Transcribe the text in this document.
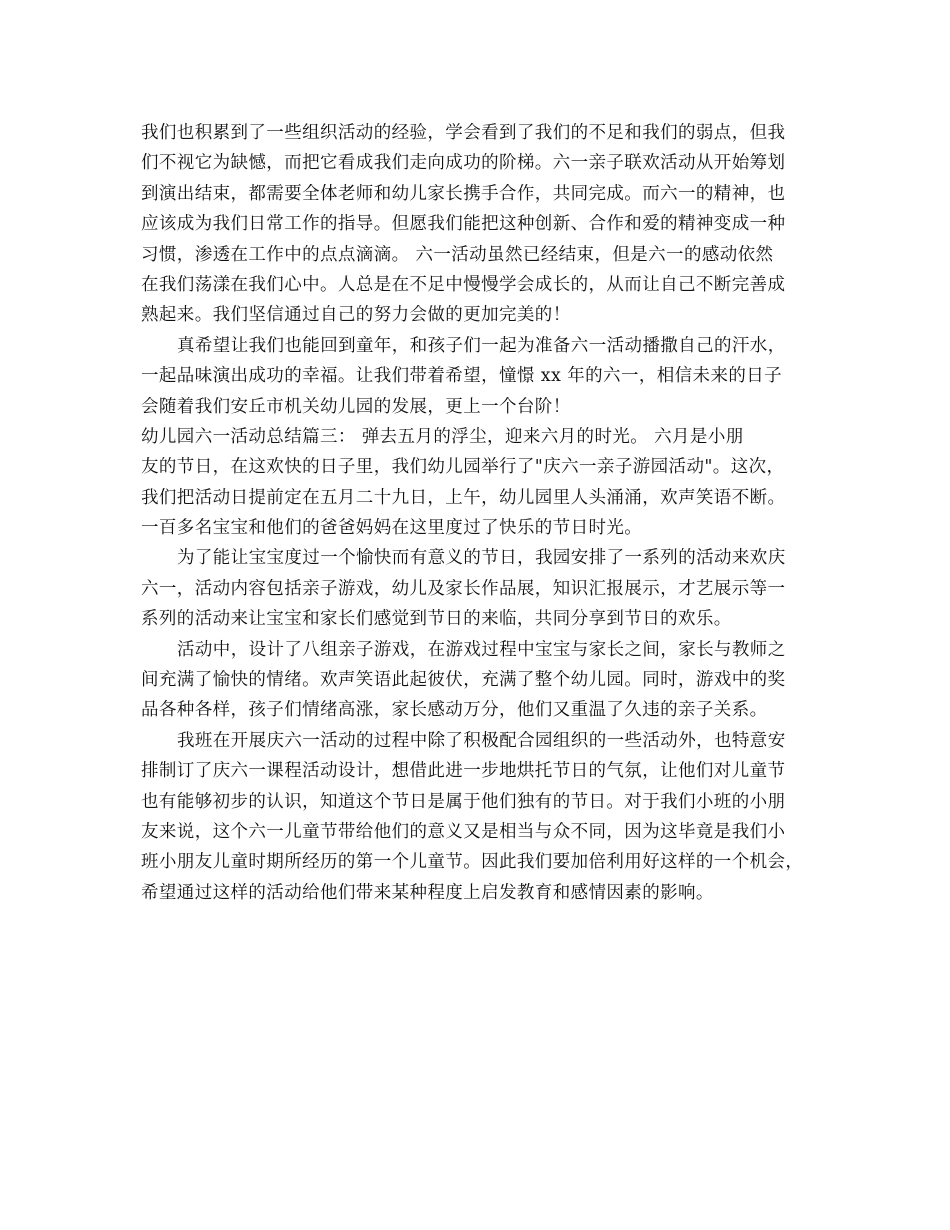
我们也积累到了一些组织活动的经验，学会看到了我们的不足和我们的弱点，但我
们不视它为缺憾，而把它看成我们走向成功的阶梯。六一亲子联欢活动从开始筹划
到演出结束，都需要全体老师和幼儿家长携手合作，共同完成。而六一的精神，也
应该成为我们日常工作的指导。但愿我们能把这种创新、合作和爱的精神变成一种
习惯，渗透在工作中的点点滴滴。 六一活动虽然已经结束，但是六一的感动依然
在我们荡漾在我们心中。人总是在不足中慢慢学会成长的，从而让自己不断完善成
熟起来。我们坚信通过自己的努力会做的更加完美的！
真希望让我们也能回到童年，和孩子们一起为准备六一活动播撒自己的汗水，
一起品味演出成功的幸福。让我们带着希望，憧憬 xx 年的六一，相信未来的日子
会随着我们安丘市机关幼儿园的发展，更上一个台阶！
幼儿园六一活动总结篇三： 弹去五月的浮尘，迎来六月的时光。 六月是小朋
友的节日，在这欢快的日子里，我们幼儿园举行了"庆六一亲子游园活动"。这次，
我们把活动日提前定在五月二十九日，上午，幼儿园里人头涌涌，欢声笑语不断。
一百多名宝宝和他们的爸爸妈妈在这里度过了快乐的节日时光。
为了能让宝宝度过一个愉快而有意义的节日，我园安排了一系列的活动来欢庆
六一，活动内容包括亲子游戏，幼儿及家长作品展，知识汇报展示，才艺展示等一
系列的活动来让宝宝和家长们感觉到节日的来临，共同分享到节日的欢乐。
活动中，设计了八组亲子游戏，在游戏过程中宝宝与家长之间，家长与教师之
间充满了愉快的情绪。欢声笑语此起彼伏，充满了整个幼儿园。同时，游戏中的奖
品各种各样，孩子们情绪高涨，家长感动万分，他们又重温了久违的亲子关系。
我班在开展庆六一活动的过程中除了积极配合园组织的一些活动外，也特意安
排制订了庆六一课程活动设计，想借此进一步地烘托节日的气氛，让他们对儿童节
也有能够初步的认识，知道这个节日是属于他们独有的节日。对于我们小班的小朋
友来说，这个六一儿童节带给他们的意义又是相当与众不同，因为这毕竟是我们小
班小朋友儿童时期所经历的第一个儿童节。因此我们要加倍利用好这样的一个机会，
希望通过这样的活动给他们带来某种程度上启发教育和感情因素的影响。
